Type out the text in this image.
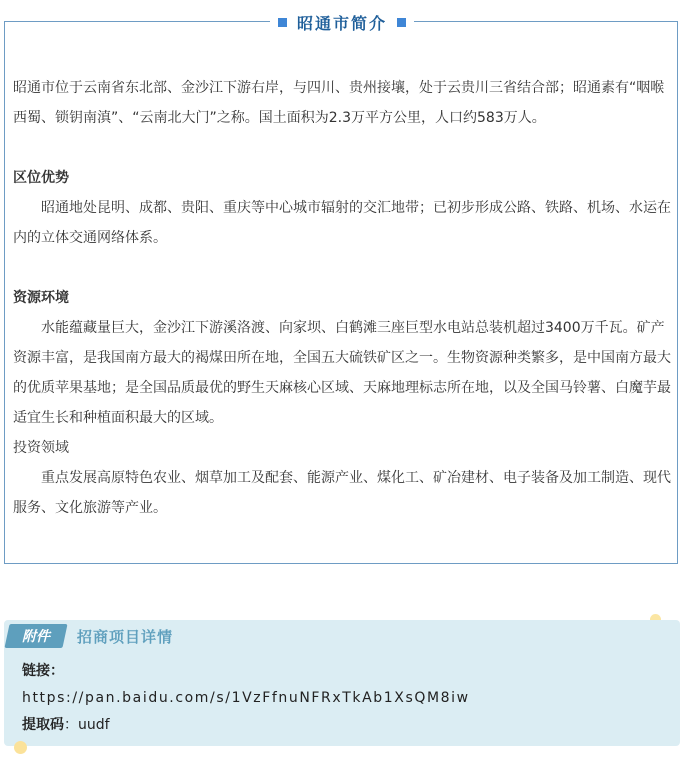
昭通市简介

昭通市位于云南省东北部、金沙江下游右岸，与四川、贵州接壤，处于云贵川三省结合部；昭通素有“咽喉西蜀、锁钥南滇”、“云南北大门”之称。国土面积为2.3万平方公里，人口约583万人。

区位优势

昭通地处昆明、成都、贵阳、重庆等中心城市辐射的交汇地带；已初步形成公路、铁路、机场、水运在内的立体交通网络体系。

资源环境

水能蕴藏量巨大，金沙江下游溪洛渡、向家坝、白鹤滩三座巨型水电站总装机超过3400万千瓦。矿产资源丰富，是我国南方最大的褐煤田所在地，全国五大硫铁矿区之一。生物资源种类繁多，是中国南方最大的优质苹果基地；是全国品质最优的野生天麻核心区域、天麻地理标志所在地，以及全国马铃薯、白魔芋最适宜生长和种植面积最大的区域。

投资领域

重点发展高原特色农业、烟草加工及配套、能源产业、煤化工、矿冶建材、电子装备及加工制造、现代服务、文化旅游等产业。

附件 招商项目详情
链接：
https://pan.baidu.com/s/1VzFfnuNFRxTkAb1XsQM8iw
提取码：uudf
